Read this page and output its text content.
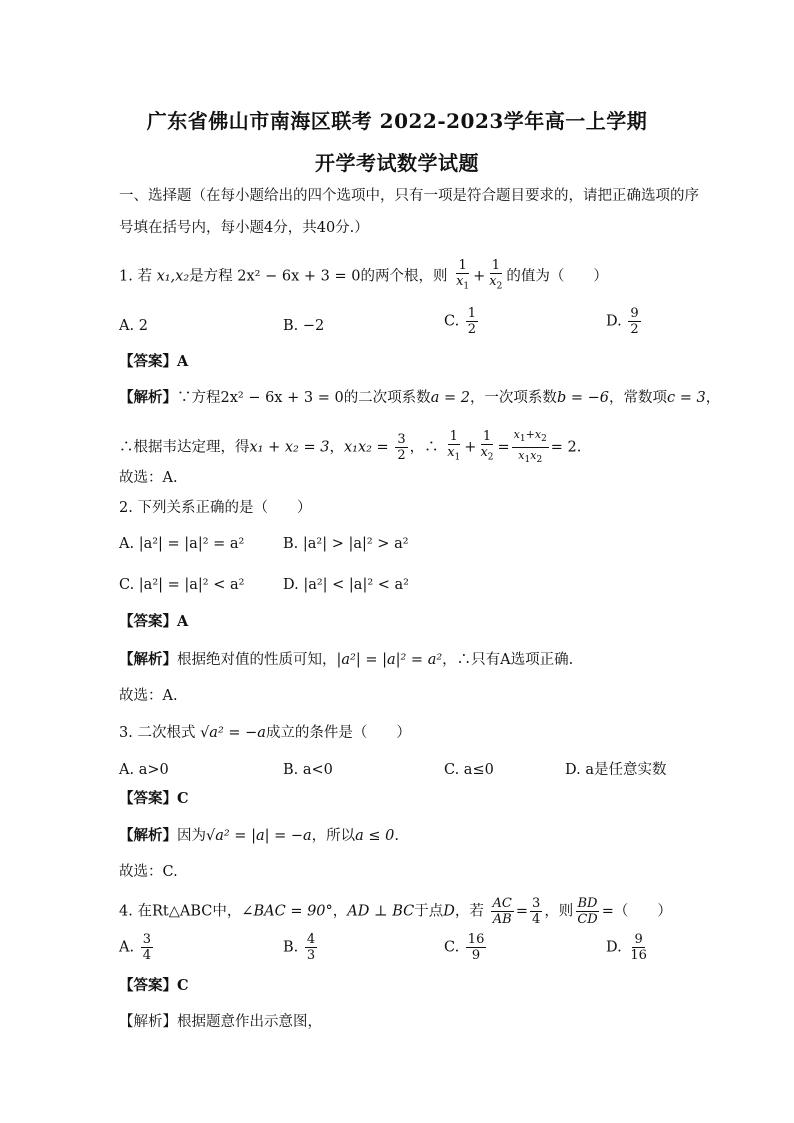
广东省佛山市南海区联考 2022-2023学年高一上学期
开学考试数学试题
一、选择题（在每小题给出的四个选项中，只有一项是符合题目要求的，请把正确选项的序
号填在括号内，每小题4分，共40分.）
1. 若 x₁,x₂是方程 2x² − 6x + 3 = 0的两个根，则 $\frac{1}{x_1} + \frac{1}{x_2}$ 的值为（　　）
A. 2	B. −2	C. $\frac{1}{2}$	D. $\frac{9}{2}$
【答案】A
【解析】∵方程2x² − 6x + 3 = 0的二次项系数a = 2，一次项系数b = −6，常数项c = 3，
∴根据韦达定理，得x₁ + x₂ = 3，$x_1x_2 = \frac{3}{2}$ ，∴ $\frac{1}{x_1} + \frac{1}{x_2} = \frac{x_1+x_2}{x_1x_2} = 2$.
故选：A.
2. 下列关系正确的是（　　）
A. |a²| = |a|² = a²	B. |a²| > |a|² > a²
C. |a²| = |a|² < a²	D. |a²| < |a|² < a²
【答案】A
【解析】根据绝对值的性质可知，|a²| = |a|² = a²，∴只有A选项正确.
故选：A.
3. 二次根式 √a² = −a成立的条件是（　　）
A. a>0	B. a<0	C. a≤0	D. a是任意实数
【答案】C
【解析】因为√a² = |a| = −a，所以a ≤ 0.
故选：C.
4. 在Rt△ABC中，∠BAC = 90°，AD ⊥ BC于点D，若 $\frac{AC}{AB} = \frac{3}{4}$ ，则 $\frac{BD}{CD}$ =（　　）
A. $\frac{3}{4}$	B. $\frac{4}{3}$	C. $\frac{16}{9}$	D. $\frac{9}{16}$
【答案】C
【解析】根据题意作出示意图，
